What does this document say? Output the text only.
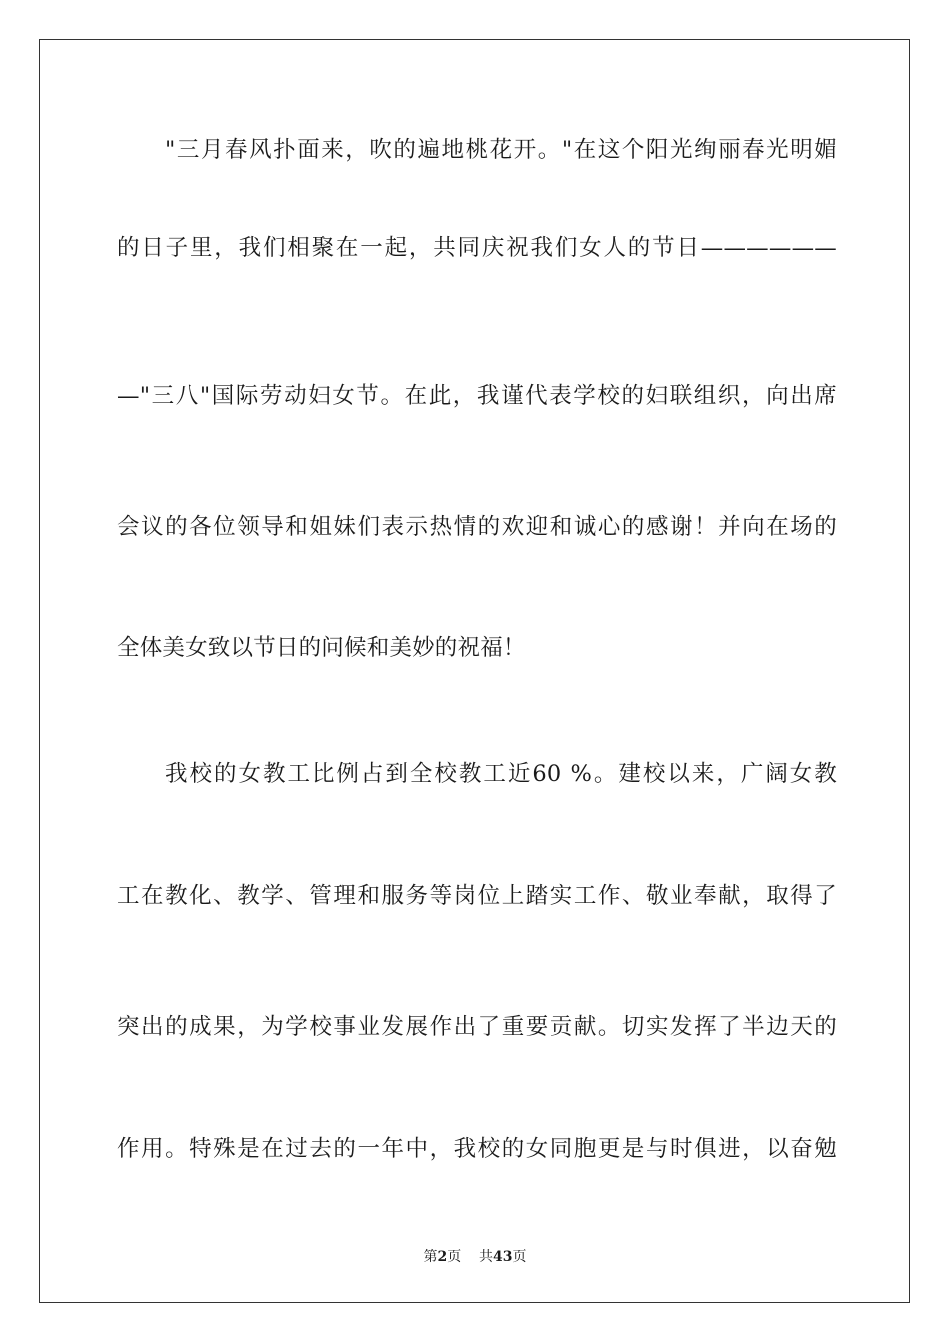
"三月春风扑面来，吹的遍地桃花开。"在这个阳光绚丽春光明媚
的日子里，我们相聚在一起，共同庆祝我们女人的节日——————
—"三八"国际劳动妇女节。在此，我谨代表学校的妇联组织，向出席
会议的各位领导和姐妹们表示热情的欢迎和诚心的感谢！并向在场的
全体美女致以节日的问候和美妙的祝福！
我校的女教工比例占到全校教工近60 %。建校以来，广阔女教
工在教化、教学、管理和服务等岗位上踏实工作、敬业奉献，取得了
突出的成果，为学校事业发展作出了重要贡献。切实发挥了半边天的
作用。特殊是在过去的一年中，我校的女同胞更是与时俱进，以奋勉
第2页 共43页
